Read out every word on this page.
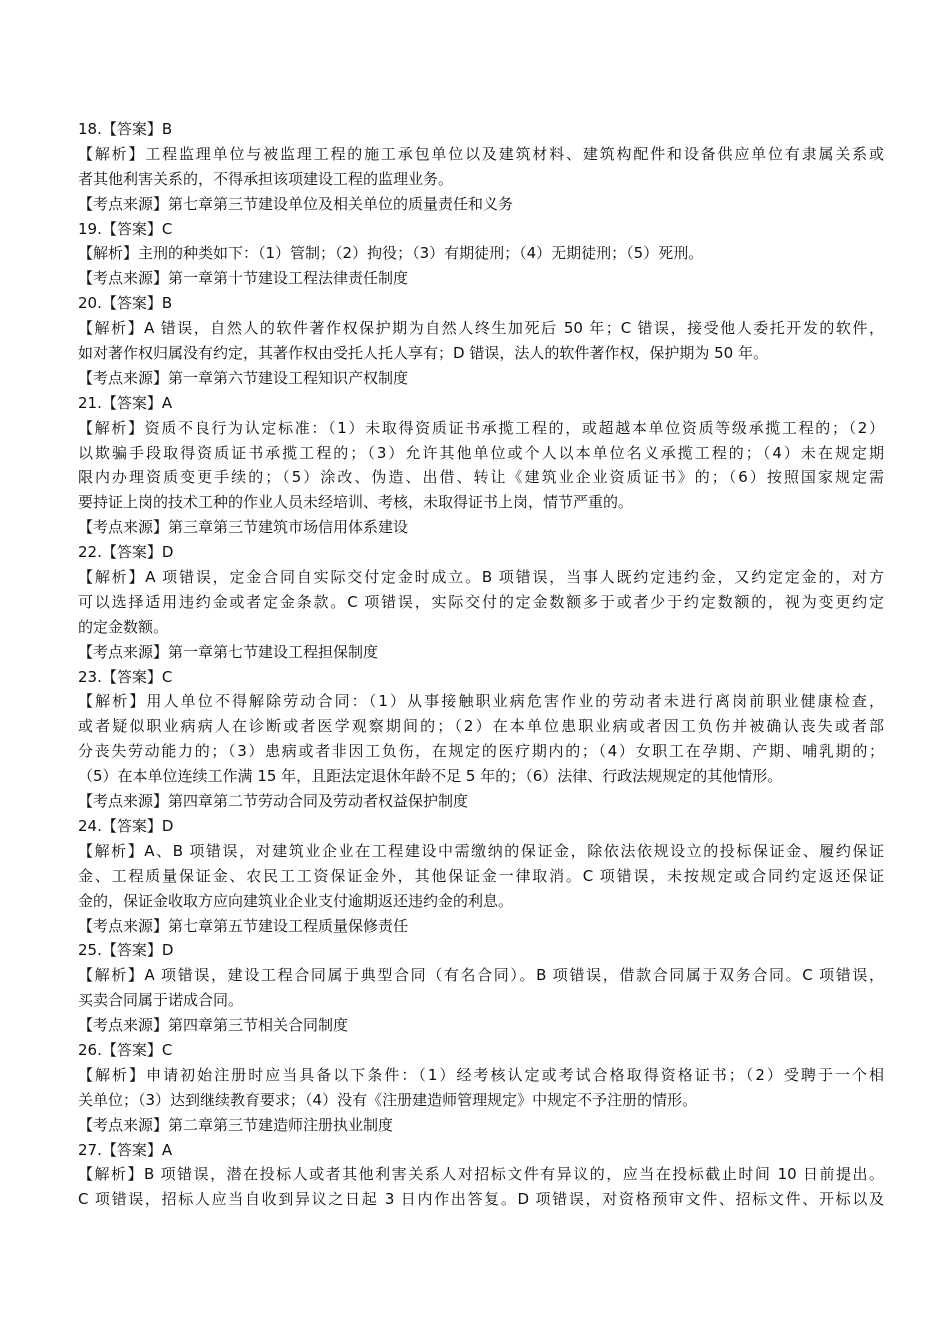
18.【答案】B
【解析】工程监理单位与被监理工程的施工承包单位以及建筑材料、建筑构配件和设备供应单位有隶属关系或
者其他利害关系的，不得承担该项建设工程的监理业务。
【考点来源】第七章第三节建设单位及相关单位的质量责任和义务
19.【答案】C
【解析】主刑的种类如下：（1）管制；（2）拘役；（3）有期徒刑；（4）无期徒刑；（5）死刑。
【考点来源】第一章第十节建设工程法律责任制度
20.【答案】B
【解析】A 错误，自然人的软件著作权保护期为自然人终生加死后 50 年；C 错误，接受他人委托开发的软件，
如对著作权归属没有约定，其著作权由受托人托人享有；D 错误，法人的软件著作权，保护期为 50 年。
【考点来源】第一章第六节建设工程知识产权制度
21.【答案】A
【解析】资质不良行为认定标准：（1）未取得资质证书承揽工程的，或超越本单位资质等级承揽工程的；（2）
以欺骗手段取得资质证书承揽工程的；（3）允许其他单位或个人以本单位名义承揽工程的；（4）未在规定期
限内办理资质变更手续的；（5）涂改、伪造、出借、转让《建筑业企业资质证书》的；（6）按照国家规定需
要持证上岗的技术工种的作业人员未经培训、考核，未取得证书上岗，情节严重的。
【考点来源】第三章第三节建筑市场信用体系建设
22.【答案】D
【解析】A 项错误，定金合同自实际交付定金时成立。B 项错误，当事人既约定违约金，又约定定金的，对方
可以选择适用违约金或者定金条款。C 项错误，实际交付的定金数额多于或者少于约定数额的，视为变更约定
的定金数额。
【考点来源】第一章第七节建设工程担保制度
23.【答案】C
【解析】用人单位不得解除劳动合同：（1）从事接触职业病危害作业的劳动者未进行离岗前职业健康检查，
或者疑似职业病病人在诊断或者医学观察期间的；（2）在本单位患职业病或者因工负伤并被确认丧失或者部
分丧失劳动能力的；（3）患病或者非因工负伤，在规定的医疗期内的；（4）女职工在孕期、产期、哺乳期的；
（5）在本单位连续工作满 15 年，且距法定退休年龄不足 5 年的；（6）法律、行政法规规定的其他情形。
【考点来源】第四章第二节劳动合同及劳动者权益保护制度
24.【答案】D
【解析】A、B 项错误，对建筑业企业在工程建设中需缴纳的保证金，除依法依规设立的投标保证金、履约保证
金、工程质量保证金、农民工工资保证金外，其他保证金一律取消。C 项错误，未按规定或合同约定返还保证
金的，保证金收取方应向建筑业企业支付逾期返还违约金的利息。
【考点来源】第七章第五节建设工程质量保修责任
25.【答案】D
【解析】A 项错误，建设工程合同属于典型合同（有名合同）。B 项错误，借款合同属于双务合同。C 项错误，
买卖合同属于诺成合同。
【考点来源】第四章第三节相关合同制度
26.【答案】C
【解析】申请初始注册时应当具备以下条件：（1）经考核认定或考试合格取得资格证书；（2）受聘于一个相
关单位；（3）达到继续教育要求；（4）没有《注册建造师管理规定》中规定不予注册的情形。
【考点来源】第二章第三节建造师注册执业制度
27.【答案】A
【解析】B 项错误，潜在投标人或者其他利害关系人对招标文件有异议的，应当在投标截止时间 10 日前提出。
C 项错误，招标人应当自收到异议之日起 3 日内作出答复。D 项错误，对资格预审文件、招标文件、开标以及
